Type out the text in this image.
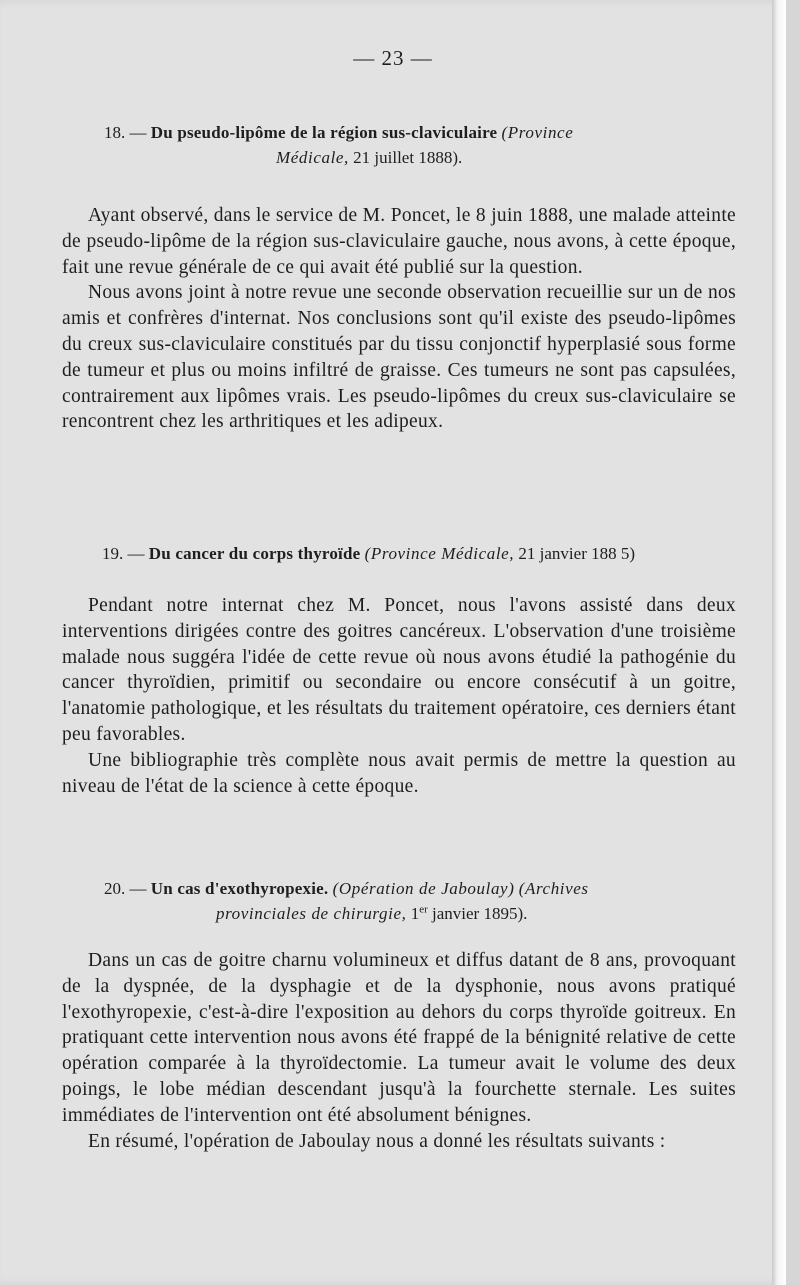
— 23 —
18. — Du pseudo-lipôme de la région sus-claviculaire (Province
Médicale, 21 juillet 1888).

Ayant observé, dans le service de M. Poncet, le 8 juin 1888, une malade atteinte de pseudo-lipôme de la région sus-claviculaire gauche, nous avons, à cette époque, fait une revue générale de ce qui avait été publié sur la question.

Nous avons joint à notre revue une seconde observation recueillie sur un de nos amis et confrères d'internat. Nos conclusions sont qu'il existe des pseudo-lipômes du creux sus-claviculaire constitués par du tissu conjonctif hyperplasié sous forme de tumeur et plus ou moins infiltré de graisse. Ces tumeurs ne sont pas capsulées, contrairement aux lipômes vrais. Les pseudo-lipômes du creux sus-claviculaire se rencontrent chez les arthritiques et les adipeux.

19. — Du cancer du corps thyroïde (Province Médicale, 21 janvier 188 5)

Pendant notre internat chez M. Poncet, nous l'avons assisté dans deux interventions dirigées contre des goitres cancéreux. L'observation d'une troisième malade nous suggéra l'idée de cette revue où nous avons étudié la pathogénie du cancer thyroïdien, primitif ou secondaire ou encore consécutif à un goitre, l'anatomie pathologique, et les résultats du traitement opératoire, ces derniers étant peu favorables.

Une bibliographie très complète nous avait permis de mettre la question au niveau de l'état de la science à cette époque.

20. — Un cas d'exothyropexie. (Opération de Jaboulay) (Archives
provinciales de chirurgie, 1er janvier 1895).

Dans un cas de goitre charnu volumineux et diffus datant de 8 ans, provoquant de la dyspnée, de la dysphagie et de la dysphonie, nous avons pratiqué l'exothyropexie, c'est-à-dire l'exposition au dehors du corps thyroïde goitreux. En pratiquant cette intervention nous avons été frappé de la bénignité relative de cette opération comparée à la thyroïdectomie. La tumeur avait le volume des deux poings, le lobe médian descendant jusqu'à la fourchette sternale. Les suites immédiates de l'intervention ont été absolument bénignes.

En résumé, l'opération de Jaboulay nous a donné les résultats suivants :
